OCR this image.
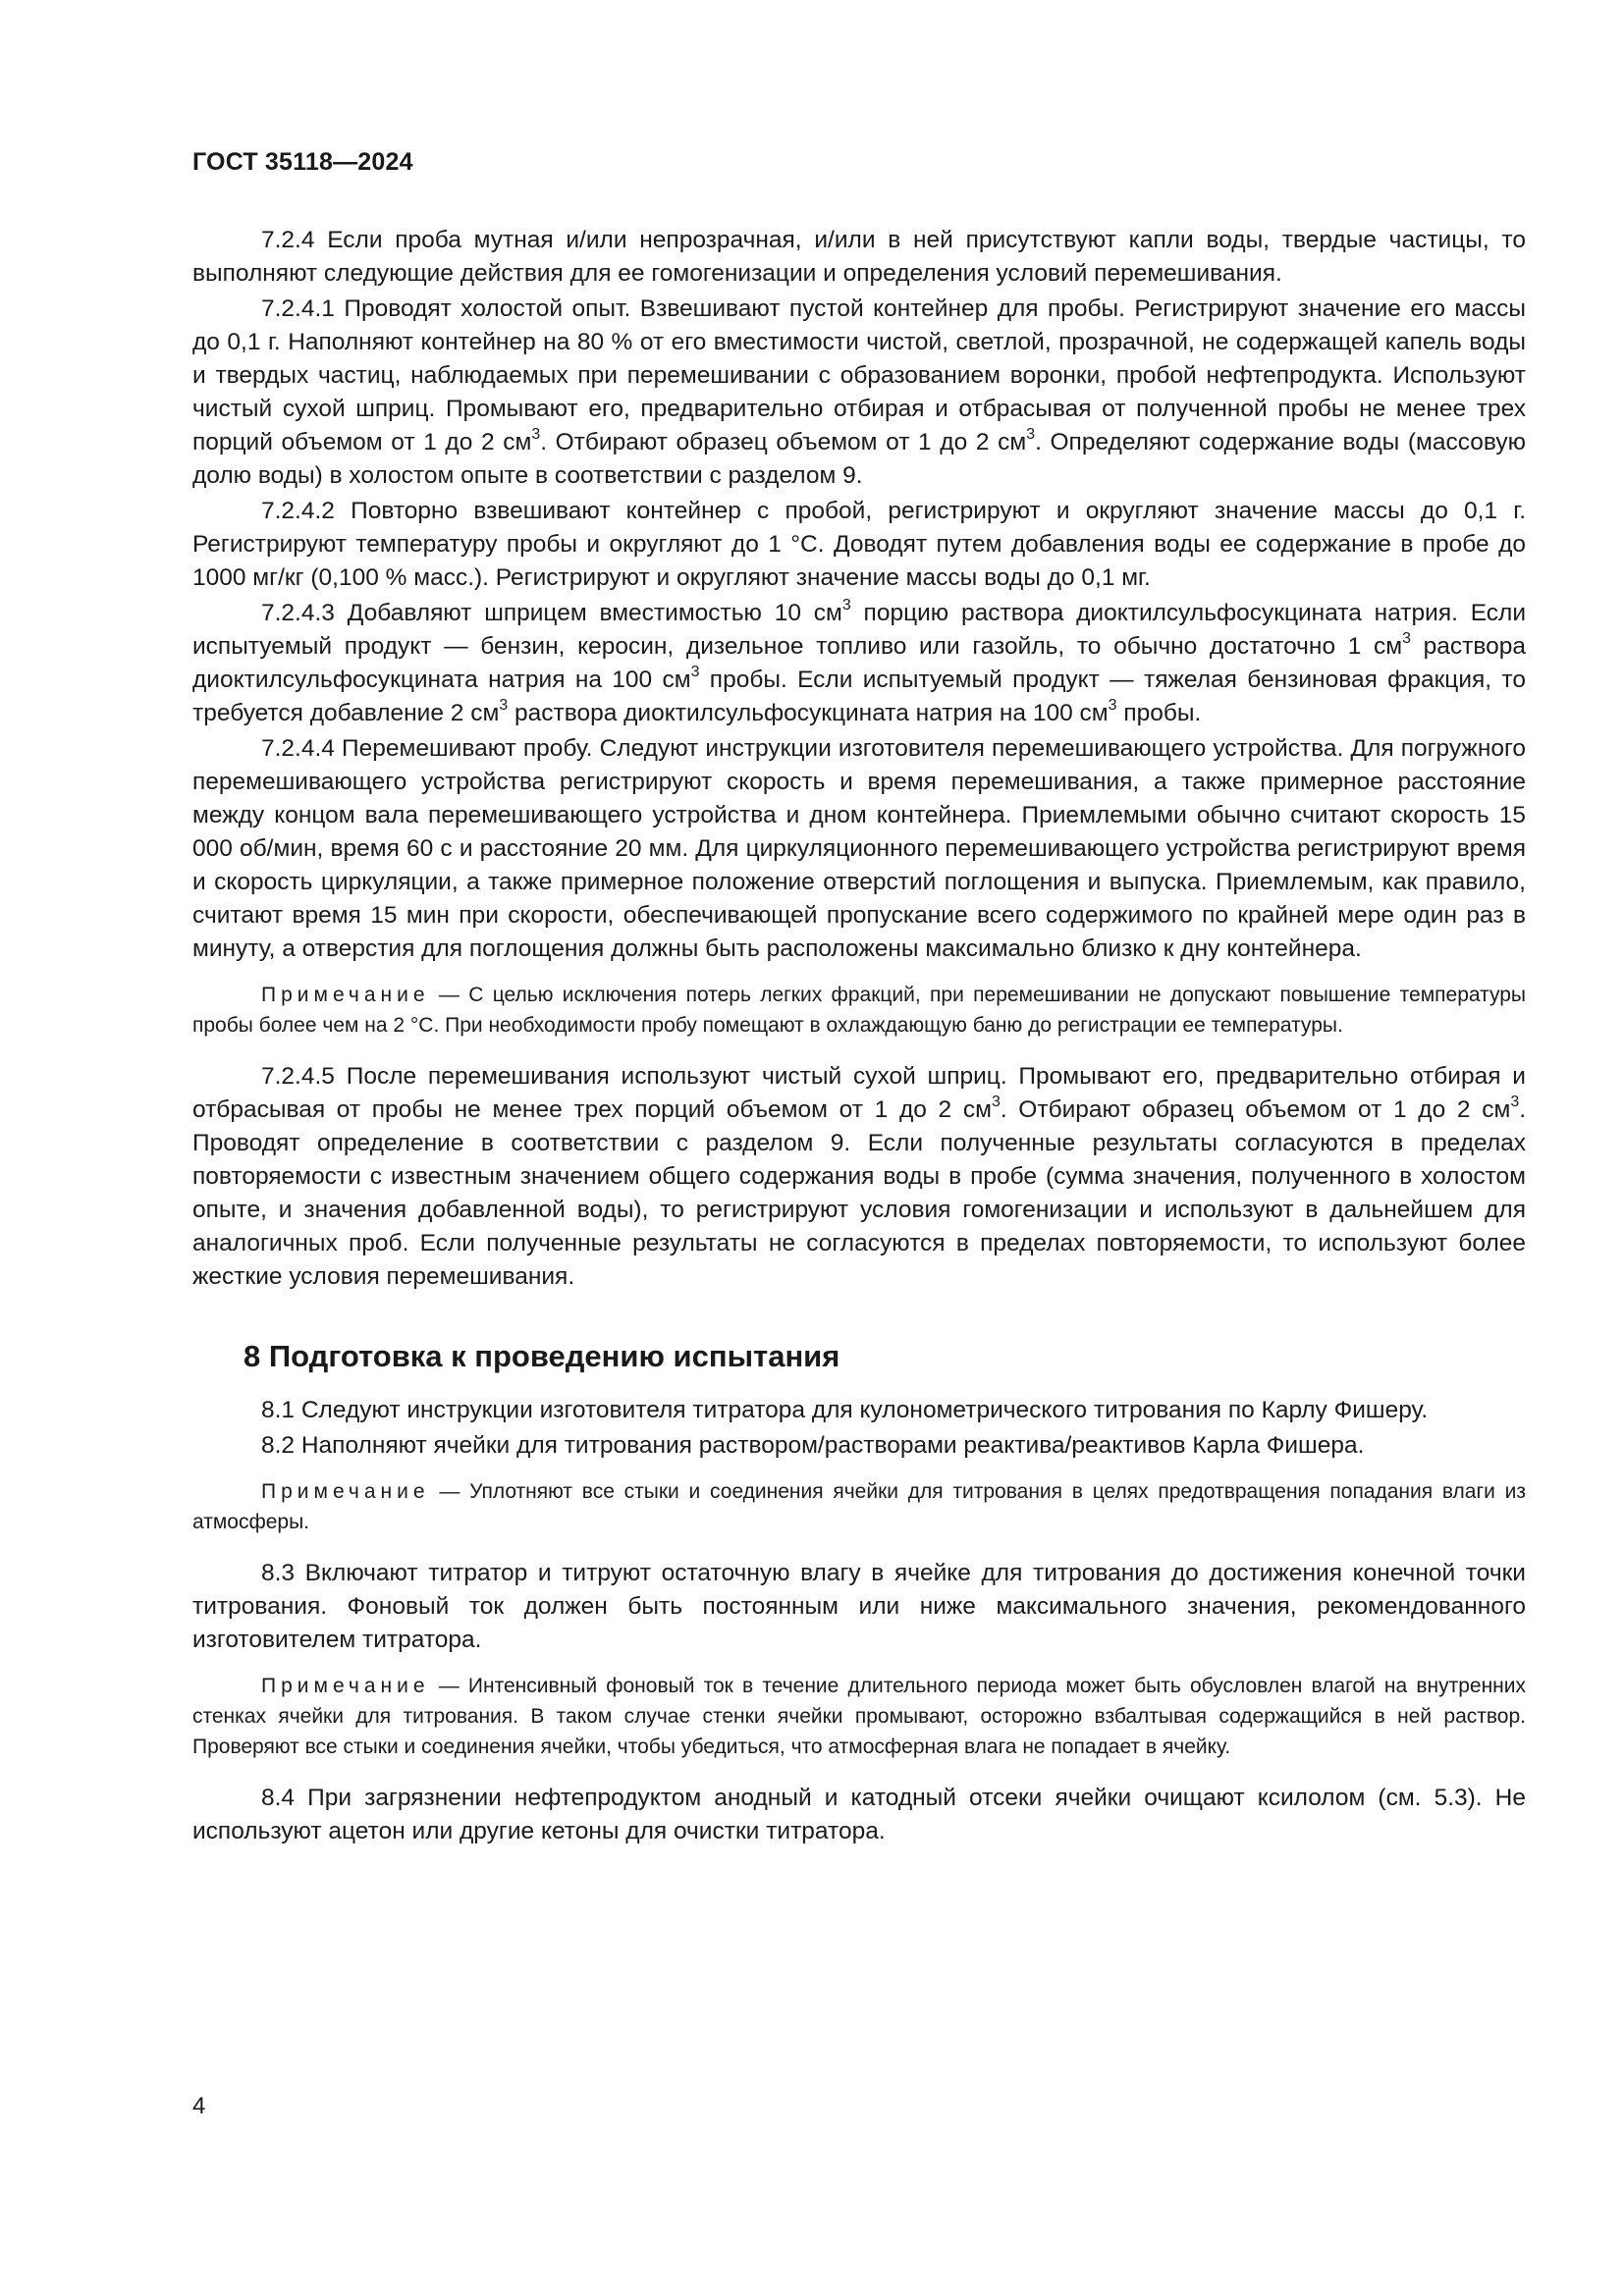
ГОСТ 35118—2024

7.2.4 Если проба мутная и/или непрозрачная, и/или в ней присутствуют капли воды, твердые частицы, то выполняют следующие действия для ее гомогенизации и определения условий перемешивания.

7.2.4.1 Проводят холостой опыт. Взвешивают пустой контейнер для пробы. Регистрируют значение его массы до 0,1 г. Наполняют контейнер на 80 % от его вместимости чистой, светлой, прозрачной, не содержащей капель воды и твердых частиц, наблюдаемых при перемешивании с образованием воронки, пробой нефтепродукта. Используют чистый сухой шприц. Промывают его, предварительно отбирая и отбрасывая от полученной пробы не менее трех порций объемом от 1 до 2 $см^3$. Отбирают образец объемом от 1 до 2 $см^3$. Определяют содержание воды (массовую долю воды) в холостом опыте в соответствии с разделом 9.

7.2.4.2 Повторно взвешивают контейнер с пробой, регистрируют и округляют значение массы до 0,1 г. Регистрируют температуру пробы и округляют до 1 °С. Доводят путем добавления воды ее содержание в пробе до 1000 мг/кг (0,100 % масс.). Регистрируют и округляют значение массы воды до 0,1 мг.

7.2.4.3 Добавляют шприцем вместимостью 10 $см^3$ порцию раствора диоктилсульфосукцината натрия. Если испытуемый продукт — бензин, керосин, дизельное топливо или газойль, то обычно достаточно 1 $см^3$ раствора диоктилсульфосукцината натрия на 100 $см^3$ пробы. Если испытуемый продукт — тяжелая бензиновая фракция, то требуется добавление 2 $см^3$ раствора диоктилсульфосукцината натрия на 100 $см^3$ пробы.

7.2.4.4 Перемешивают пробу. Следуют инструкции изготовителя перемешивающего устройства. Для погружного перемешивающего устройства регистрируют скорость и время перемешивания, а также примерное расстояние между концом вала перемешивающего устройства и дном контейнера. Приемлемыми обычно считают скорость 15 000 об/мин, время 60 с и расстояние 20 мм. Для циркуляционного перемешивающего устройства регистрируют время и скорость циркуляции, а также примерное положение отверстий поглощения и выпуска. Приемлемым, как правило, считают время 15 мин при скорости, обеспечивающей пропускание всего содержимого по крайней мере один раз в минуту, а отверстия для поглощения должны быть расположены максимально близко к дну контейнера.

Примечание — С целью исключения потерь легких фракций, при перемешивании не допускают повышение температуры пробы более чем на 2 °С. При необходимости пробу помещают в охлаждающую баню до регистрации ее температуры.

7.2.4.5 После перемешивания используют чистый сухой шприц. Промывают его, предварительно отбирая и отбрасывая от пробы не менее трех порций объемом от 1 до 2 $см^3$. Отбирают образец объемом от 1 до 2 $см^3$. Проводят определение в соответствии с разделом 9. Если полученные результаты согласуются в пределах повторяемости с известным значением общего содержания воды в пробе (сумма значения, полученного в холостом опыте, и значения добавленной воды), то регистрируют условия гомогенизации и используют в дальнейшем для аналогичных проб. Если полученные результаты не согласуются в пределах повторяемости, то используют более жесткие условия перемешивания.

8 Подготовка к проведению испытания

8.1 Следуют инструкции изготовителя титратора для кулонометрического титрования по Карлу Фишеру.

8.2 Наполняют ячейки для титрования раствором/растворами реактива/реактивов Карла Фишера.

Примечание — Уплотняют все стыки и соединения ячейки для титрования в целях предотвращения попадания влаги из атмосферы.

8.3 Включают титратор и титруют остаточную влагу в ячейке для титрования до достижения конечной точки титрования. Фоновый ток должен быть постоянным или ниже максимального значения, рекомендованного изготовителем титратора.

Примечание — Интенсивный фоновый ток в течение длительного периода может быть обусловлен влагой на внутренних стенках ячейки для титрования. В таком случае стенки ячейки промывают, осторожно взбалтывая содержащийся в ней раствор. Проверяют все стыки и соединения ячейки, чтобы убедиться, что атмосферная влага не попадает в ячейку.

8.4 При загрязнении нефтепродуктом анодный и катодный отсеки ячейки очищают ксилолом (см. 5.3). Не используют ацетон или другие кетоны для очистки титратора.

4
